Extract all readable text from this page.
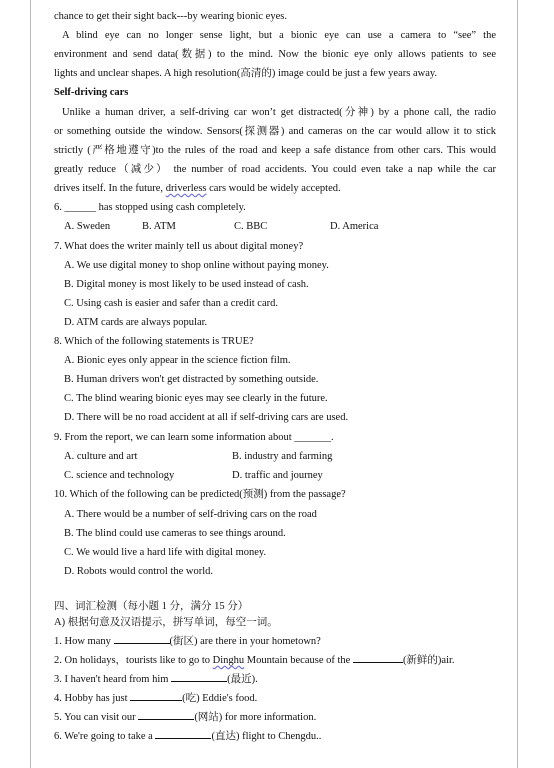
chance to get their sight back---by wearing bionic eyes.
A blind eye can no longer sense light, but a bionic eye can use a camera to “see” the
environment and send data(数据) to the mind. Now the bionic eye only allows patients to see
lights and unclear shapes. A high resolution(高清的) image could be just a few years away.
Self-driving cars
Unlike a human driver, a self-driving car won’t get distracted(分神) by a phone call, the radio
or something outside the window. Sensors(探测器) and cameras on the car would allow it to stick
strictly (严格地遵守)to the rules of the road and keep a safe distance from other cars. This would
greatly reduce（减少） the number of road accidents. You could even take a nap while the car
drives itself. In the future, driverless cars would be widely accepted.
6. ______ has stopped using cash completely.
A. Sweden	B. ATM	C. BBC	D. America
7. What does the writer mainly tell us about digital money?
A. We use digital money to shop online without paying money.
B. Digital money is most likely to be used instead of cash.
C. Using cash is easier and safer than a credit card.
D. ATM cards are always popular.
8. Which of the following statements is TRUE?
A. Bionic eyes only appear in the science fiction film.
B. Human drivers won't get distracted by something outside.
C. The blind wearing bionic eyes may see clearly in the future.
D. There will be no road accident at all if self-driving cars are used.
9. From the report, we can learn some information about _______.
A. culture and art	B. industry and farming
C. science and technology	D. traffic and journey
10. Which of the following can be predicted(预测) from the passage?
A. There would be a number of self-driving cars on the road
B. The blind could use cameras to see things around.
C. We would live a hard life with digital money.
D. Robots would control the world.
四、词汇检测（每小题 1 分，满分 15 分）
A) 根据句意及汉语提示，拼写单词，每空一词。
1. How many	(街区) are there in your hometown?
2. On holidays，tourists like to go to Dinghu Mountain because of the	(新鲜的)air.
3. I haven't heard from him	(最近).
4. Hobby has just	(吃) Eddie's food.
5. You can visit our	(网站) for more information.
6. We're going to take a	(直达) flight to Chengdu..
